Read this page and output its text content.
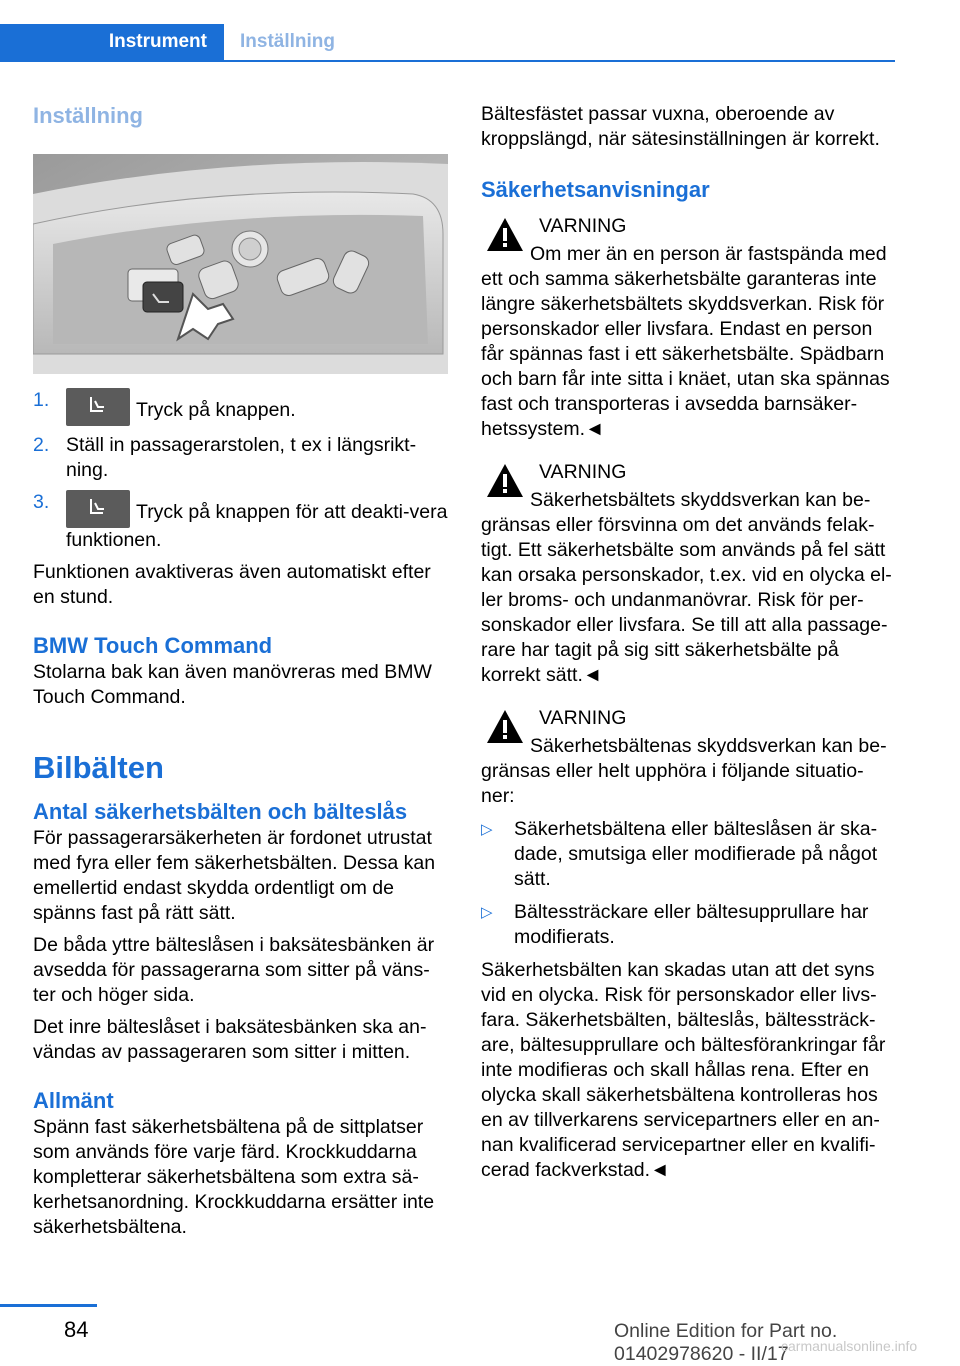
Instrument	Inställning
Inställning
1.	Tryck på knappen.
2. Ställ in passagerarstolen, t ex i längsrikt-ning.
3.	Tryck på knappen för att deakti-vera funktionen.

Funktionen avaktiveras även automatiskt efter en stund.

BMW Touch Command

Stolarna bak kan även manövreras med BMW Touch Command.

Bilbälten
Antal säkerhetsbälten och bälteslås

För passagerarsäkerheten är fordonet utrustat med fyra eller fem säkerhetsbälten. Dessa kan emellertid endast skydda ordentligt om de spänns fast på rätt sätt.

De båda yttre bälteslåsen i baksätesbänken är avsedda för passagerarna som sitter på väns-ter och höger sida.

Det inre bälteslåset i baksätesbänken ska an-vändas av passageraren som sitter i mitten.

Allmänt

Spänn fast säkerhetsbältena på de sittplatser som används före varje färd. Krockkuddarna kompletterar säkerhetsbältena som extra sä-kerhetsanordning. Krockkuddarna ersätter inte säkerhetsbältena.

Bältesfästet passar vuxna, oberoende av kroppslängd, när sätesinställningen är korrekt.

Säkerhetsanvisningar
VARNING

Om mer än en person är fastspända med ett och samma säkerhetsbälte garanteras inte längre säkerhetsbältets skyddsverkan. Risk för personskador eller livsfara. Endast en person får spännas fast i ett säkerhetsbälte. Spädbarn och barn får inte sitta i knäet, utan ska spännas fast och transporteras i avsedda barnsäker-hetssystem.◄

VARNING

Säkerhetsbältets skyddsverkan kan be-gränsas eller försvinna om det används felak-tigt. Ett säkerhetsbälte som används på fel sätt kan orsaka personskador, t.ex. vid en olycka el-ler broms- och undanmanövrar. Risk för per-sonskador eller livsfara. Se till att alla passage-rare har tagit på sig sitt säkerhetsbälte på korrekt sätt.◄

VARNING

Säkerhetsbältenas skyddsverkan kan be-gränsas eller helt upphöra i följande situatio-ner:

▷ Säkerhetsbältena eller bälteslåsen är ska-dade, smutsiga eller modifierade på något sätt.
▷ Bältessträckare eller bältesupprullare har modifierats.

Säkerhetsbälten kan skadas utan att det syns vid en olycka. Risk för personskador eller livs-fara. Säkerhetsbälten, bälteslås, bältessträck-are, bältesupprullare och bältesförankringar får inte modifieras och skall hållas rena. Efter en olycka skall säkerhetsbältena kontrolleras hos en av tillverkarens servicepartners eller en an-nan kvalificerad servicepartner eller en kvalifi-cerad fackverkstad.◄

84	Online Edition for Part no. 01402978620 - II/17
carmanualsonline.info
